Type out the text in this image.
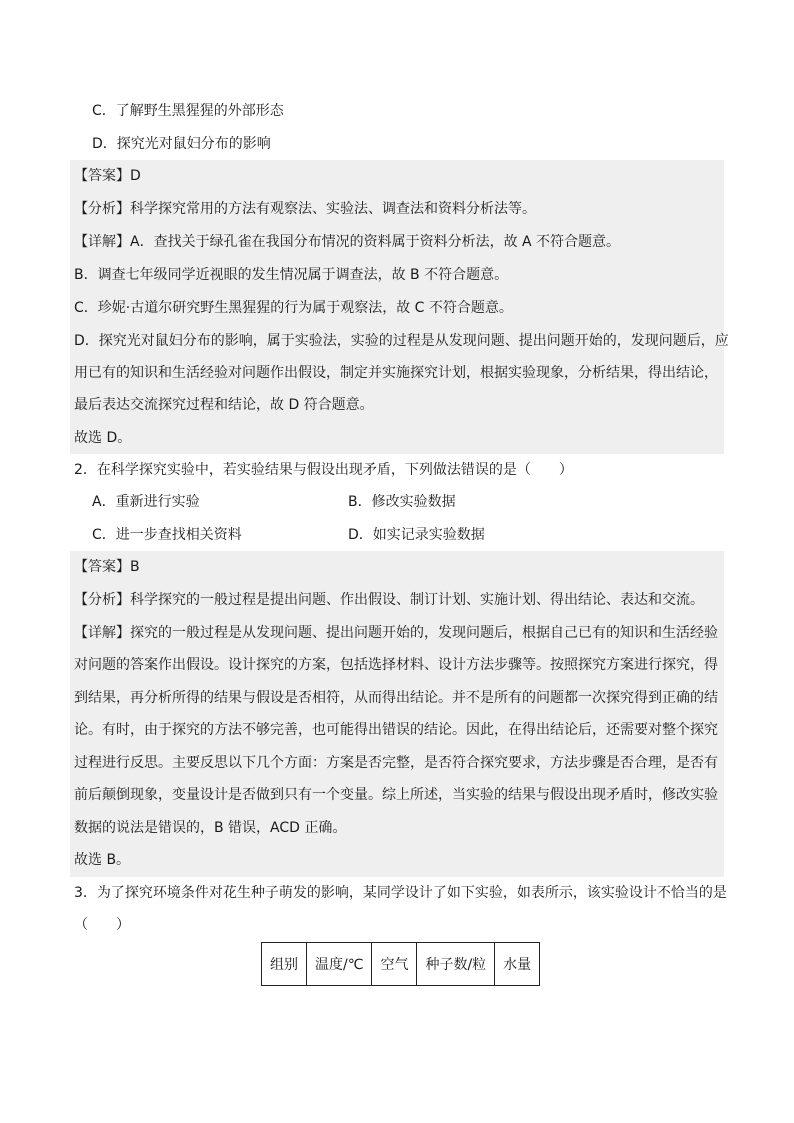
C．了解野生黑猩猩的外部形态
D．探究光对鼠妇分布的影响
【答案】D
【分析】科学探究常用的方法有观察法、实验法、调查法和资料分析法等。
【详解】A．查找关于绿孔雀在我国分布情况的资料属于资料分析法，故 A 不符合题意。
B．调查七年级同学近视眼的发生情况属于调查法，故 B 不符合题意。
C．珍妮·古道尔研究野生黑猩猩的行为属于观察法，故 C 不符合题意。
D．探究光对鼠妇分布的影响，属于实验法，实验的过程是从发现问题、提出问题开始的，发现问题后，应
用已有的知识和生活经验对问题作出假设，制定并实施探究计划，根据实验现象，分析结果，得出结论，
最后表达交流探究过程和结论，故 D 符合题意。
故选 D。
2．在科学探究实验中，若实验结果与假设出现矛盾，下列做法错误的是（　　）
A．重新进行实验	B．修改实验数据
C．进一步查找相关资料	D．如实记录实验数据
【答案】B
【分析】科学探究的一般过程是提出问题、作出假设、制订计划、实施计划、得出结论、表达和交流。
【详解】探究的一般过程是从发现问题、提出问题开始的，发现问题后，根据自己已有的知识和生活经验
对问题的答案作出假设。设计探究的方案，包括选择材料、设计方法步骤等。按照探究方案进行探究，得
到结果，再分析所得的结果与假设是否相符，从而得出结论。并不是所有的问题都一次探究得到正确的结
论。有时，由于探究的方法不够完善，也可能得出错误的结论。因此，在得出结论后，还需要对整个探究
过程进行反思。主要反思以下几个方面：方案是否完整，是否符合探究要求，方法步骤是否合理，是否有
前后颠倒现象，变量设计是否做到只有一个变量。综上所述，当实验的结果与假设出现矛盾时，修改实验
数据的说法是错误的，B 错误，ACD 正确。
故选 B。
3．为了探究环境条件对花生种子萌发的影响，某同学设计了如下实验，如表所示，该实验设计不恰当的是
（　　）
组别	温度/℃	空气	种子数/粒	水量
